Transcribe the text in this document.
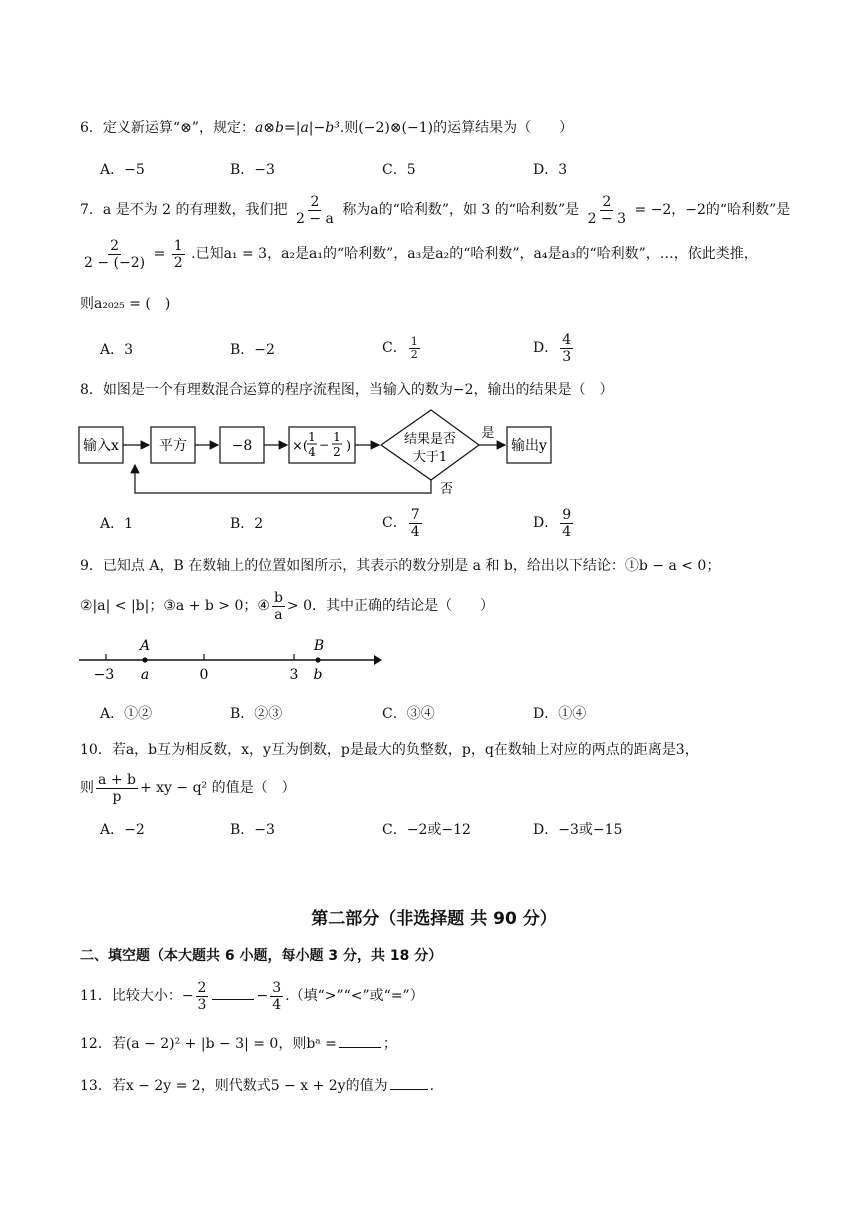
6．定义新运算“⊗”，规定：a⊗b=|a|−b³.则(−2)⊗(−1)的运算结果为（　　）
A．−5	B．−3	C．5	D．3
7．a 是不为 2 的有理数，我们把 $\frac{2}{2 - a}$ 称为a的“哈利数”，如 3 的“哈利数”是 $\frac{2}{2 - 3} = -2$，−2的“哈利数”是
$\frac{2}{2 - (-2)} = \frac{1}{2}$ .已知a₁ = 3，a₂是a₁的“哈利数”，a₃是a₂的“哈利数”，a₄是a₃的“哈利数”，…，依此类推，
则a₂₀₂₅ = (　)
A．3	B．−2	C． $\frac{1}{2}$	D． $\frac{4}{3}$
8．如图是一个有理数混合运算的程序流程图，当输入的数为−2，输出的结果是（　）
输入x	平方	−8	×(
1
4 −
1
2 )	结果是否
大于1
是
输出y
否
A．1	B．2	C． $\frac{7}{4}$	D． $\frac{9}{4}$
9．已知点 A，B 在数轴上的位置如图所示，其表示的数分别是 a 和 b，给出以下结论：①b − a < 0；
②|a| < |b|；③a + b > 0；④ $\frac{b}{a} > 0$．其中正确的结论是（　　）
A	B
−3 a	0	3 b
A．①②	B．②③	C．③④	D．①④
10．若a，b互为相反数，x，y互为倒数，p是最大的负整数，p，q在数轴上对应的两点的距离是3，
则 $\frac{a + b}{p}$ + xy − q² 的值是（　）
A．−2	B．−3	C．−2或−12	D．−3或−15
第二部分（非选择题 共 90 分）
二、填空题（本大题共 6 小题，每小题 3 分，共 18 分）
11．比较大小：− $\frac{2}{3}$	− $\frac{3}{4}$ .（填“>”“<”或“=”）
12．若(a − 2)² + |b − 3| = 0，则bᵃ =	；
13．若x − 2y = 2，则代数式5 − x + 2y的值为	.
